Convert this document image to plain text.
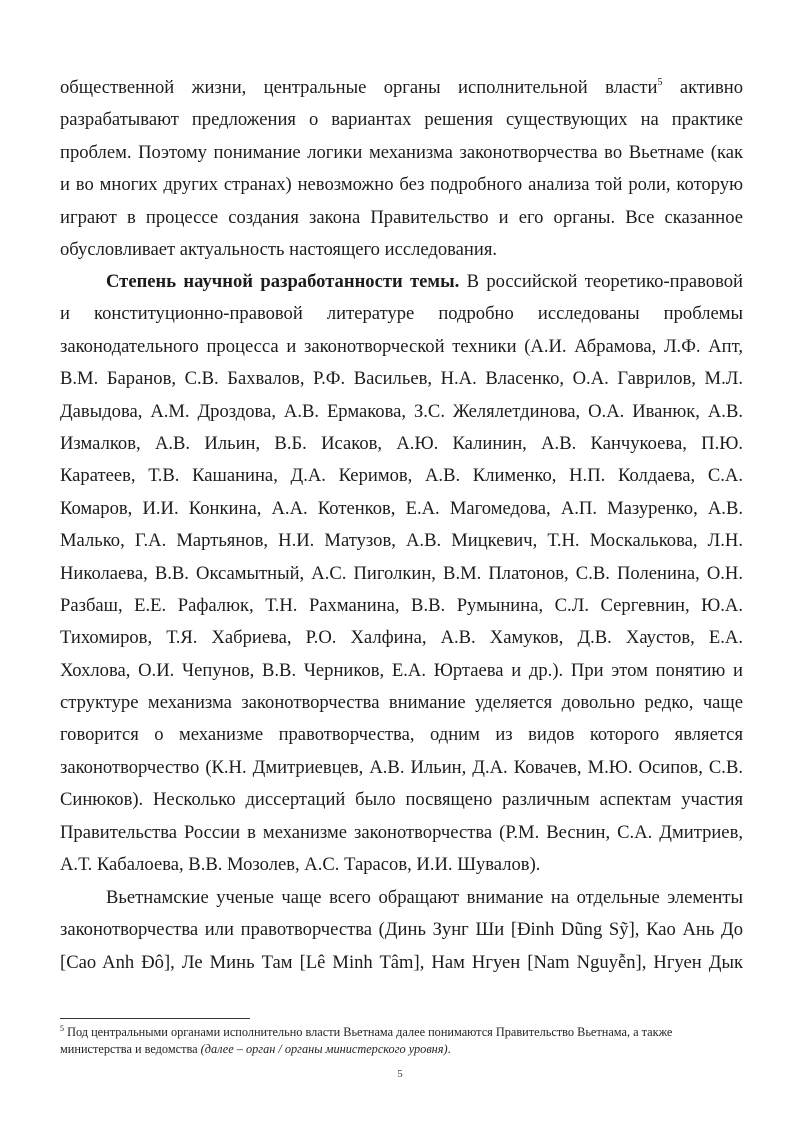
общественной жизни, центральные органы исполнительной власти$^5$ активно
разрабатывают предложения о вариантах решения существующих на практике
проблем. Поэтому понимание логики механизма законотворчества во Вьетнаме (как
и во многих других странах) невозможно без подробного анализа той роли, которую
играют в процессе создания закона Правительство и его органы. Все сказанное
обусловливает актуальность настоящего исследования.
Степень научной разработанности темы. В российской теоретико-правовой
и конституционно-правовой литературе подробно исследованы проблемы
законодательного процесса и законотворческой техники (А.И. Абрамова, Л.Ф. Апт,
В.М. Баранов, С.В. Бахвалов, Р.Ф. Васильев, Н.А. Власенко, О.А. Гаврилов, М.Л.
Давыдова, А.М. Дроздова, А.В. Ермакова, З.С. Желялетдинова, О.А. Иванюк, А.В.
Измалков, А.В. Ильин, В.Б. Исаков, А.Ю. Калинин, А.В. Канчукоева, П.Ю.
Каратеев, Т.В. Кашанина, Д.А. Керимов, А.В. Клименко, Н.П. Колдаева, С.А.
Комаров, И.И. Конкина, А.А. Котенков, Е.А. Магомедова, А.П. Мазуренко, А.В.
Малько, Г.А. Мартьянов, Н.И. Матузов, А.В. Мицкевич, Т.Н. Москалькова, Л.Н.
Николаева, В.В. Оксамытный, А.С. Пиголкин, В.М. Платонов, С.В. Поленина, О.Н.
Разбаш, Е.Е. Рафалюк, Т.Н. Рахманина, В.В. Румынина, С.Л. Сергевнин, Ю.А.
Тихомиров, Т.Я. Хабриева, Р.О. Халфина, А.В. Хамуков, Д.В. Хаустов, Е.А.
Хохлова, О.И. Чепунов, В.В. Черников, Е.А. Юртаева и др.). При этом понятию и
структуре механизма законотворчества внимание уделяется довольно редко, чаще
говорится о механизме правотворчества, одним из видов которого является
законотворчество (К.Н. Дмитриевцев, А.В. Ильин, Д.А. Ковачев, М.Ю. Осипов, С.В.
Синюков). Несколько диссертаций было посвящено различным аспектам участия
Правительства России в механизме законотворчества (Р.М. Веснин, С.А. Дмитриев,
А.Т. Кабалоева, В.В. Мозолев, А.С. Тарасов, И.И. Шувалов).
Вьетнамские ученые чаще всего обращают внимание на отдельные элементы
законотворчества или правотворчества (Динь Зунг Ши [Đinh Dũng Sỹ], Као Ань До
[Cao Anh Đô], Ле Минь Там [Lê Minh Tâm], Нам Нгуен [Nam Nguyễn], Нгуен Дык

$^5$ Под центральными органами исполнительно власти Вьетнама далее понимаются Правительство Вьетнама, а также министерства и ведомства (далее – орган / органы министерского уровня).

5
